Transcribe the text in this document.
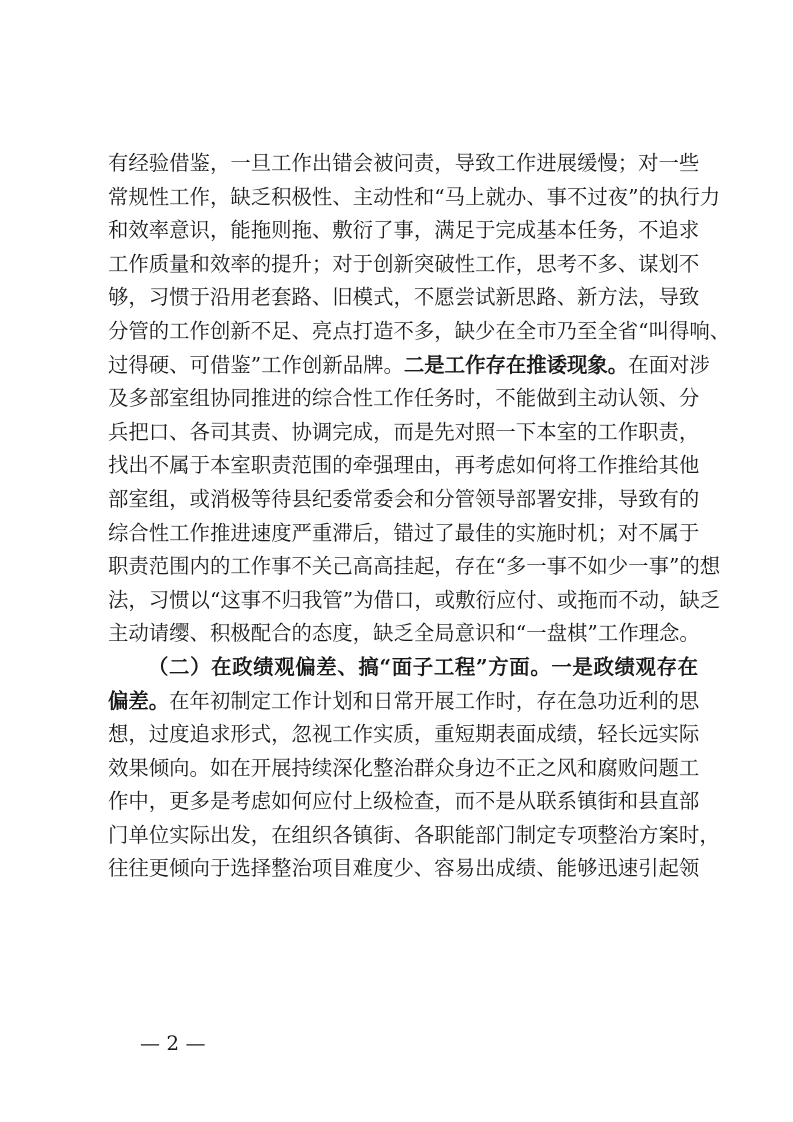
有经验借鉴，一旦工作出错会被问责，导致工作进展缓慢；对一些
常规性工作，缺乏积极性、主动性和“马上就办、事不过夜”的执行力
和效率意识，能拖则拖、敷衍了事，满足于完成基本任务，不追求
工作质量和效率的提升；对于创新突破性工作，思考不多、谋划不
够，习惯于沿用老套路、旧模式，不愿尝试新思路、新方法，导致
分管的工作创新不足、亮点打造不多，缺少在全市乃至全省“叫得响、
过得硬、可借鉴”工作创新品牌。二是工作存在推诿现象。在面对涉
及多部室组协同推进的综合性工作任务时，不能做到主动认领、分
兵把口、各司其责、协调完成，而是先对照一下本室的工作职责，
找出不属于本室职责范围的牵强理由，再考虑如何将工作推给其他
部室组，或消极等待县纪委常委会和分管领导部署安排，导致有的
综合性工作推进速度严重滞后，错过了最佳的实施时机；对不属于
职责范围内的工作事不关己高高挂起，存在“多一事不如少一事”的想
法，习惯以“这事不归我管”为借口，或敷衍应付、或拖而不动，缺乏
主动请缨、积极配合的态度，缺乏全局意识和“一盘棋”工作理念。
（二）在政绩观偏差、搞“面子工程”方面。一是政绩观存在
偏差。在年初制定工作计划和日常开展工作时，存在急功近利的思
想，过度追求形式，忽视工作实质，重短期表面成绩，轻长远实际
效果倾向。如在开展持续深化整治群众身边不正之风和腐败问题工
作中，更多是考虑如何应付上级检查，而不是从联系镇街和县直部
门单位实际出发，在组织各镇街、各职能部门制定专项整治方案时，
往往更倾向于选择整治项目难度少、容易出成绩、能够迅速引起领
— 2 —
